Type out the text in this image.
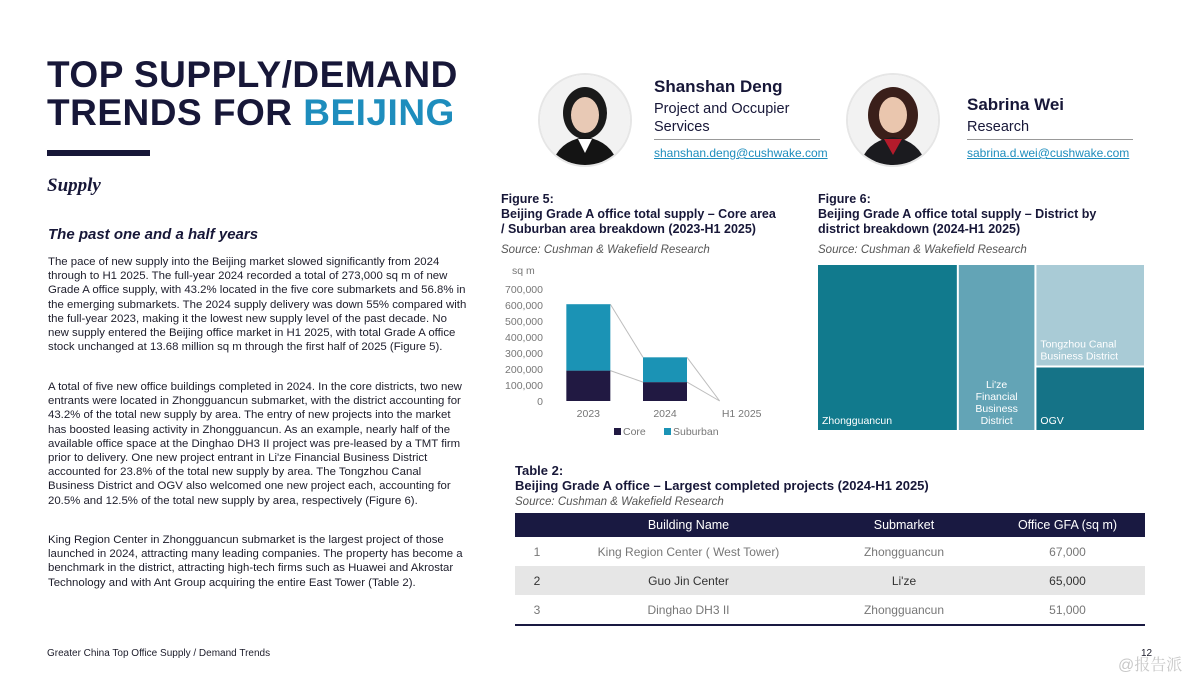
TOP SUPPLY/DEMAND
TRENDS FOR BEIJING
Supply
The past one and a half years
The pace of new supply into the Beijing market slowed significantly from 2024 through to H1 2025. The full-year 2024 recorded a total of 273,000 sq m of new Grade A office supply, with 43.2% located in the five core submarkets and 56.8% in the emerging submarkets. The 2024 supply delivery was down 55% compared with the full-year 2023, making it the lowest new supply level of the past decade. No new supply entered the Beijing office market in H1 2025, with total Grade A office stock unchanged at 13.68 million sq m through the first half of 2025 (Figure 5).
A total of five new office buildings completed in 2024. In the core districts, two new entrants were located in Zhongguancun submarket, with the district accounting for 43.2% of the total new supply by area. The entry of new projects into the market has boosted leasing activity in Zhongguancun. As an example, nearly half of the available office space at the Dinghao DH3 II project was pre-leased by a TMT firm prior to delivery. One new project entrant in Li'ze Financial Business District accounted for 23.8% of the total new supply by area. The Tongzhou Canal Business District and OGV also welcomed one new project each, accounting for 20.5% and 12.5% of the total new supply by area, respectively (Figure 6).
King Region Center in Zhongguancun submarket is the largest project of those launched in 2024, attracting many leading companies. The property has become a benchmark in the district, attracting high-tech firms such as Huawei and Akrostar Technology and with Ant Group acquiring the entire East Tower (Table 2).
Shanshan Deng
Project and Occupier
Services
shanshan.deng@cushwake.com
Sabrina Wei
Research
sabrina.d.wei@cushwake.com
Figure 5:
Beijing Grade A office total supply – Core area
/ Suburban area breakdown (2023-H1 2025)
Source: Cushman & Wakefield Research
sq m
0
100,000
200,000
300,000
400,000
500,000
600,000
700,000
2023	2024	H1 2025
Core	Suburban
Figure 6:
Beijing Grade A office total supply – District by
district breakdown (2024-H1 2025)
Source: Cushman & Wakefield Research
Zhongguancun
Li'ze
Financial
Business
District
Tongzhou Canal
Business District
OGV
Table 2:
Beijing Grade A office – Largest completed projects (2024-H1 2025)
Source: Cushman & Wakefield Research
	Building Name	Submarket	Office GFA (sq m)
1	King Region Center ( West Tower)	Zhongguancun	67,000
2	Guo Jin Center	Li'ze	65,000
3	Dinghao DH3 II	Zhongguancun	51,000
Greater China Top Office Supply / Demand Trends	12
@报告派
